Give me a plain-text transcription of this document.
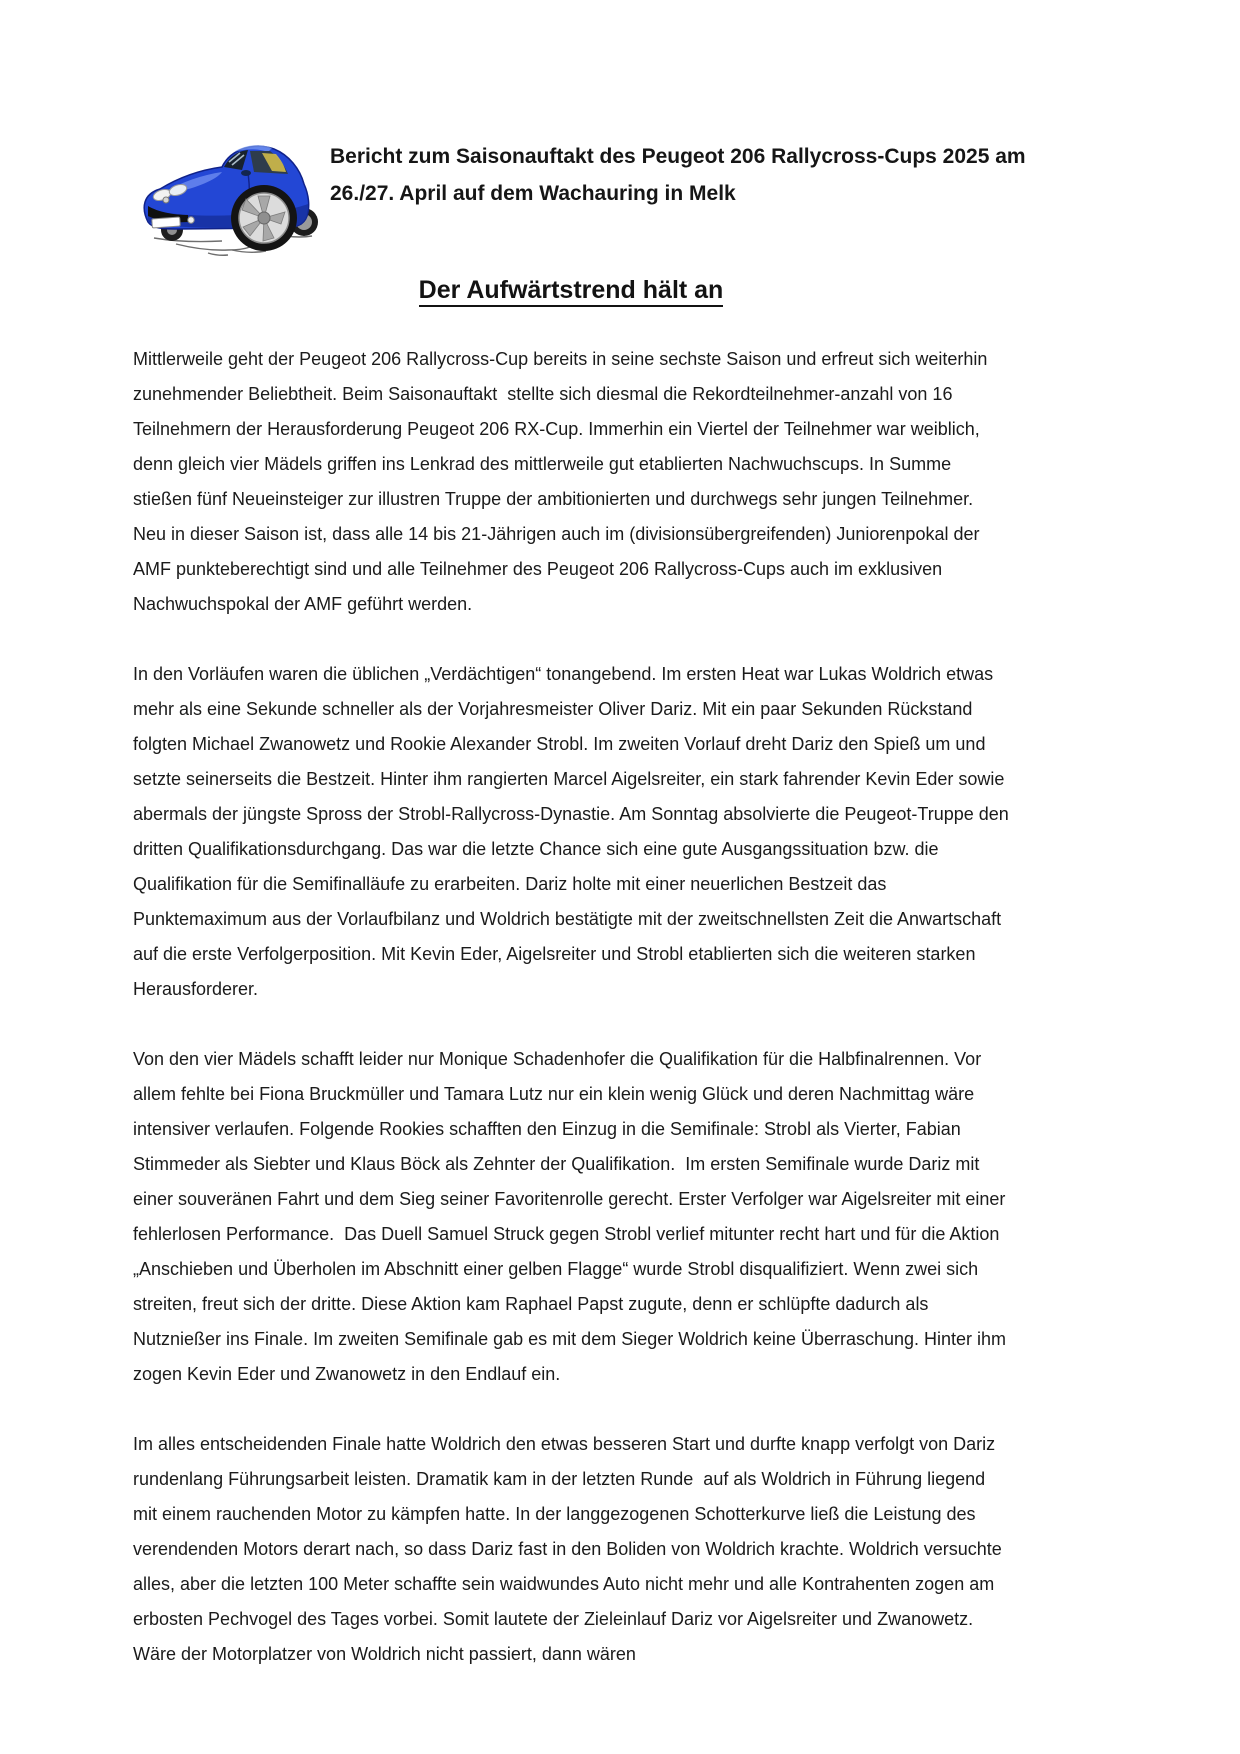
Bericht zum Saisonauftakt des Peugeot 206 Rallycross-Cups 2025 am
26./27. April auf dem Wachauring in Melk
Der Aufwärtstrend hält an
Mittlerweile geht der Peugeot 206 Rallycross-Cup bereits in seine sechste Saison und erfreut sich weiterhin zunehmender Beliebtheit. Beim Saisonauftakt  stellte sich diesmal die Rekordteilnehmer-anzahl von 16 Teilnehmern der Herausforderung Peugeot 206 RX-Cup. Immerhin ein Viertel der Teilnehmer war weiblich, denn gleich vier Mädels griffen ins Lenkrad des mittlerweile gut etablierten Nachwuchscups. In Summe stießen fünf Neueinsteiger zur illustren Truppe der ambitionierten und durchwegs sehr jungen Teilnehmer.
Neu in dieser Saison ist, dass alle 14 bis 21-Jährigen auch im (divisionsübergreifenden) Juniorenpokal der AMF punkteberechtigt sind und alle Teilnehmer des Peugeot 206 Rallycross-Cups auch im exklusiven Nachwuchspokal der AMF geführt werden.
In den Vorläufen waren die üblichen „Verdächtigen“ tonangebend. Im ersten Heat war Lukas Woldrich etwas mehr als eine Sekunde schneller als der Vorjahresmeister Oliver Dariz. Mit ein paar Sekunden Rückstand folgten Michael Zwanowetz und Rookie Alexander Strobl. Im zweiten Vorlauf dreht Dariz den Spieß um und setzte seinerseits die Bestzeit. Hinter ihm rangierten Marcel Aigelsreiter, ein stark fahrender Kevin Eder sowie abermals der jüngste Spross der Strobl-Rallycross-Dynastie. Am Sonntag absolvierte die Peugeot-Truppe den dritten Qualifikationsdurchgang. Das war die letzte Chance sich eine gute Ausgangssituation bzw. die Qualifikation für die Semifinalläufe zu erarbeiten. Dariz holte mit einer neuerlichen Bestzeit das Punktemaximum aus der Vorlaufbilanz und Woldrich bestätigte mit der zweitschnellsten Zeit die Anwartschaft auf die erste Verfolgerposition. Mit Kevin Eder, Aigelsreiter und Strobl etablierten sich die weiteren starken Herausforderer.
Von den vier Mädels schafft leider nur Monique Schadenhofer die Qualifikation für die Halbfinalrennen. Vor allem fehlte bei Fiona Bruckmüller und Tamara Lutz nur ein klein wenig Glück und deren Nachmittag wäre intensiver verlaufen. Folgende Rookies schafften den Einzug in die Semifinale: Strobl als Vierter, Fabian Stimmeder als Siebter und Klaus Böck als Zehnter der Qualifikation.  Im ersten Semifinale wurde Dariz mit einer souveränen Fahrt und dem Sieg seiner Favoritenrolle gerecht. Erster Verfolger war Aigelsreiter mit einer fehlerlosen Performance.  Das Duell Samuel Struck gegen Strobl verlief mitunter recht hart und für die Aktion „Anschieben und Überholen im Abschnitt einer gelben Flagge“ wurde Strobl disqualifiziert. Wenn zwei sich streiten, freut sich der dritte. Diese Aktion kam Raphael Papst zugute, denn er schlüpfte dadurch als Nutznießer ins Finale. Im zweiten Semifinale gab es mit dem Sieger Woldrich keine Überraschung. Hinter ihm zogen Kevin Eder und Zwanowetz in den Endlauf ein.
Im alles entscheidenden Finale hatte Woldrich den etwas besseren Start und durfte knapp verfolgt von Dariz rundenlang Führungsarbeit leisten. Dramatik kam in der letzten Runde  auf als Woldrich in Führung liegend mit einem rauchenden Motor zu kämpfen hatte. In der langgezogenen Schotterkurve ließ die Leistung des verendenden Motors derart nach, so dass Dariz fast in den Boliden von Woldrich krachte. Woldrich versuchte alles, aber die letzten 100 Meter schaffte sein waidwundes Auto nicht mehr und alle Kontrahenten zogen am erbosten Pechvogel des Tages vorbei. Somit lautete der Zieleinlauf Dariz vor Aigelsreiter und Zwanowetz. Wäre der Motorplatzer von Woldrich nicht passiert, dann wären
